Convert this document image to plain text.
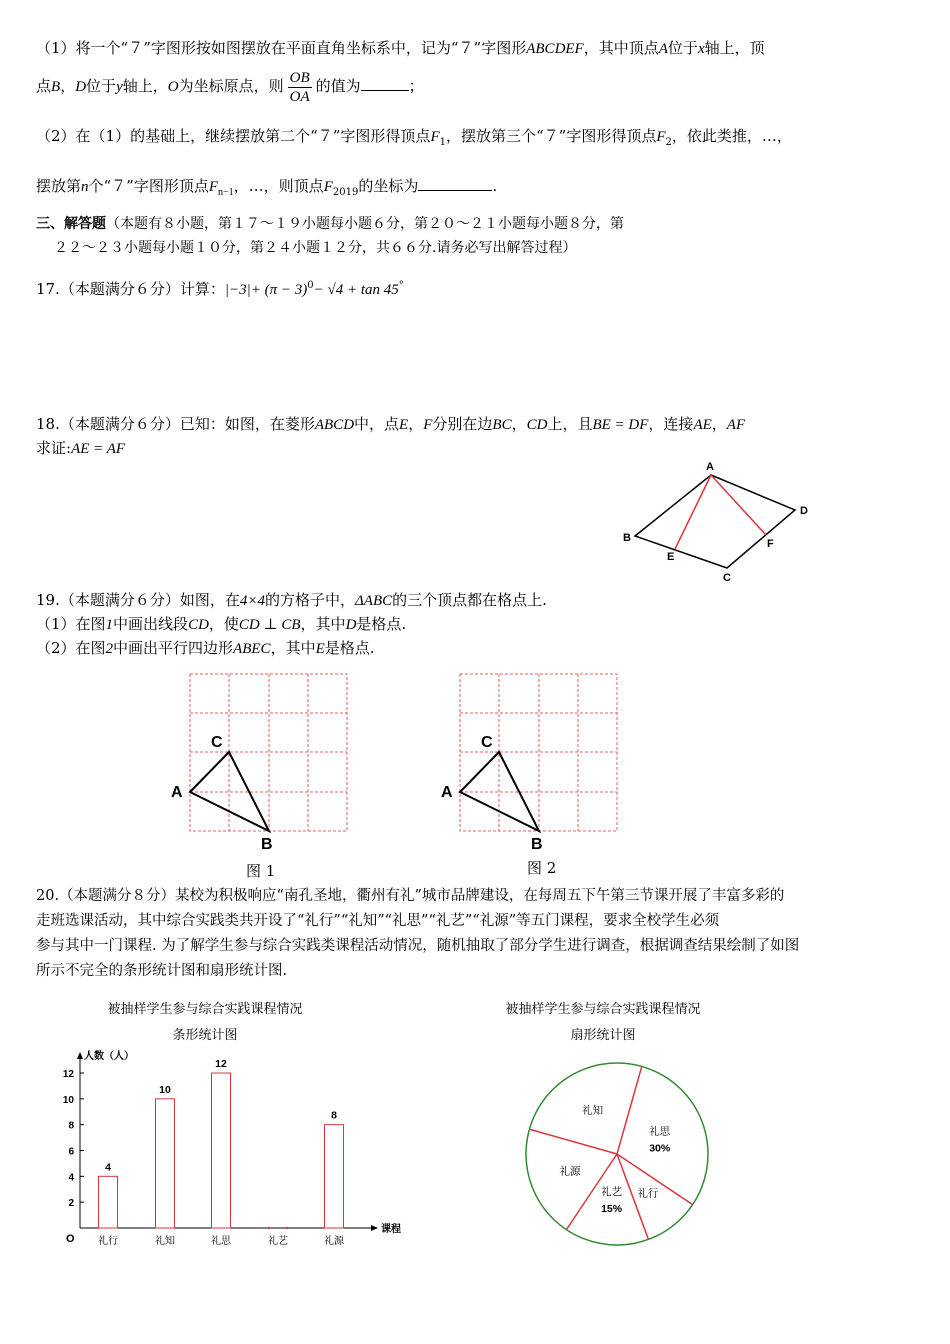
（1）将一个“７”字图形按如图摆放在平面直角坐标系中，记为“７”字图形ABCDEF，其中顶点A位于x轴上，顶
点B，D位于y轴上，O为坐标原点，则 $\frac{OB}{OA}$ 的值为	；
（2）在（1）的基础上，继续摆放第二个“７”字图形得顶点$F_1$，摆放第三个“７”字图形得顶点$F_2$，依此类推，…，
摆放第n个“７”字图形顶点$F_{n-1}$，…，则顶点$F_{2019}$的坐标为	.
三、解答题（本题有８小题，第１７～１９小题每小题６分，第２０～２１小题每小题８分，第
２２～２３小题每小题１０分，第２４小题１２分，共６６分.请务必写出解答过程）
17.（本题满分６分）计算：$|-3|+ (\pi - 3)^0- √4 + \tan 45^\circ$
18.（本题满分６分）已知：如图，在菱形ABCD中，点E，F分别在边BC，CD上，且BE = DF，连接AE，AF
求证:AE = AF
A
B
C
D
E
F
19.（本题满分６分）如图，在4×4的方格子中，ΔABC的三个顶点都在格点上.
（1）在图1中画出线段CD，使CD ⊥ CB，其中D是格点.
（2）在图2中画出平行四边形ABEC，其中E是格点.
A
C
B
图 1
A
C
B
图 2
20.（本题满分８分）某校为积极响应“南孔圣地，衢州有礼”城市品牌建设，在每周五下午第三节课开展了丰富多彩的
走班选课活动，其中综合实践类共开设了“礼行”“礼知”“礼思”“礼艺”“礼源”等五门课程，要求全校学生必须
参与其中一门课程. 为了解学生参与综合实践类课程活动情况，随机抽取了部分学生进行调查，根据调查结果绘制了如图
所示不完全的条形统计图和扇形统计图.
被抽样学生参与综合实践课程情况
条形统计图
人数（人）
课程
O
2
4
6
8
10
12
礼行
4
礼知
10
礼思
12
礼艺	礼源
8
被抽样学生参与综合实践课程情况
扇形统计图
礼思
30%
礼行
礼艺
15%
礼源
礼知
